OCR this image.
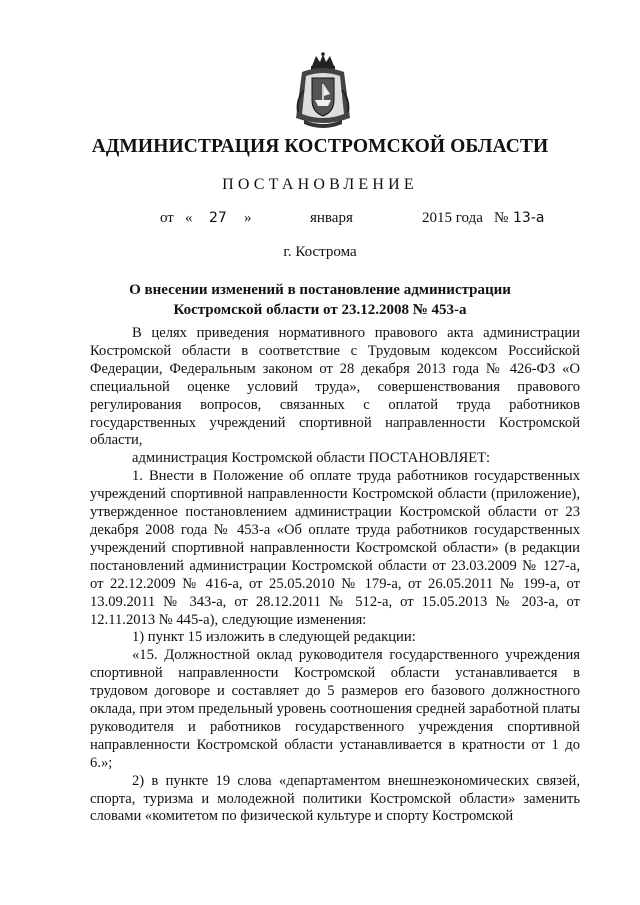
АДМИНИСТРАЦИЯ КОСТРОМСКОЙ ОБЛАСТИ
ПОСТАНОВЛЕНИЕ
от « 27 »	января	2015 года № 13-а
г. Кострома
О внесении изменений в постановление администрации
Костромской области от 23.12.2008 № 453-а

В целях приведения нормативного правового акта администрации Костромской области в соответствие с Трудовым кодексом Российской Федерации, Федеральным законом от 28 декабря 2013 года № 426-ФЗ «О специальной оценке условий труда», совершенствования правового регулирования вопросов, связанных с оплатой труда работников государственных учреждений спортивной направленности Костромской области,

администрация Костромской области ПОСТАНОВЛЯЕТ:

1. Внести в Положение об оплате труда работников государственных учреждений спортивной направленности Костромской области (приложение), утвержденное постановлением администрации Костромской области от 23 декабря 2008 года № 453-а «Об оплате труда работников государственных учреждений спортивной направленности Костромской области» (в редакции постановлений администрации Костромской области от 23.03.2009 № 127-а, от 22.12.2009 № 416-а, от 25.05.2010 № 179-а, от 26.05.2011 № 199-а, от 13.09.2011 № 343-а, от 28.12.2011 № 512-а, от 15.05.2013 № 203-а, от 12.11.2013 № 445-а), следующие изменения:

1) пункт 15 изложить в следующей редакции:

«15. Должностной оклад руководителя государственного учреждения спортивной направленности Костромской области устанавливается в трудовом договоре и составляет до 5 размеров его базового должностного оклада, при этом предельный уровень соотношения средней заработной платы руководителя и работников государственного учреждения спортивной направленности Костромской области устанавливается в кратности от 1 до 6.»;

2) в пункте 19 слова «департаментом внешнеэкономических связей, спорта, туризма и молодежной политики Костромской области» заменить словами «комитетом по физической культуре и спорту Костромской
